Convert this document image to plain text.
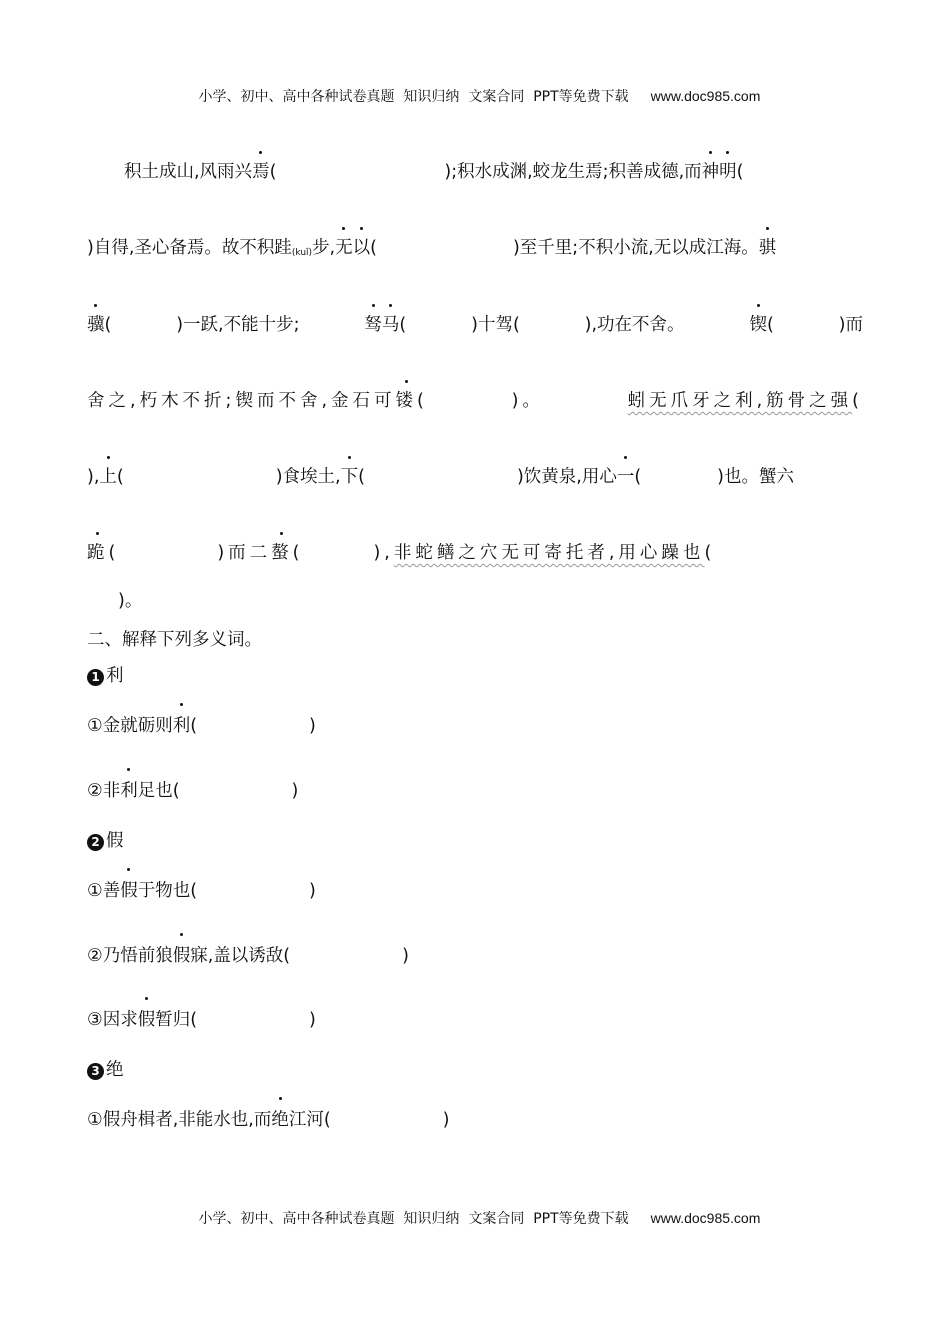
小学、初中、高中各种试卷真题  知识归纳  文案合同  PPT等免费下载 www.doc985.com

积土成山,风雨兴焉(	);积水成渊,蛟龙生焉;积善成德,而神明(
)自得,圣心备焉。故不积跬(kuǐ)步,无以(	)至千里;不积小流,无以成江海。骐
骥(	)一跃,不能十步;	驽马(	)十驾(	),功在不舍。	锲(	)而
舍之,朽木不折;锲而不舍,金石可镂(	)。	蚓无爪牙之利,筋骨之强(
),上(	)食埃土,下(	)饮黄泉,用心一(	)也。蟹六
跪(	)而二螯(	),非蛇鳝之穴无可寄托者,用心躁也(
)。
二、解释下列多义词。
1 利
①金就砺则利(	)
②非利足也(	)
2 假
①善假于物也(	)
②乃悟前狼假寐,盖以诱敌(	)
③因求假暂归(	)
3 绝
①假舟楫者,非能水也,而绝江河(	)

小学、初中、高中各种试卷真题  知识归纳  文案合同  PPT等免费下载 www.doc985.com
